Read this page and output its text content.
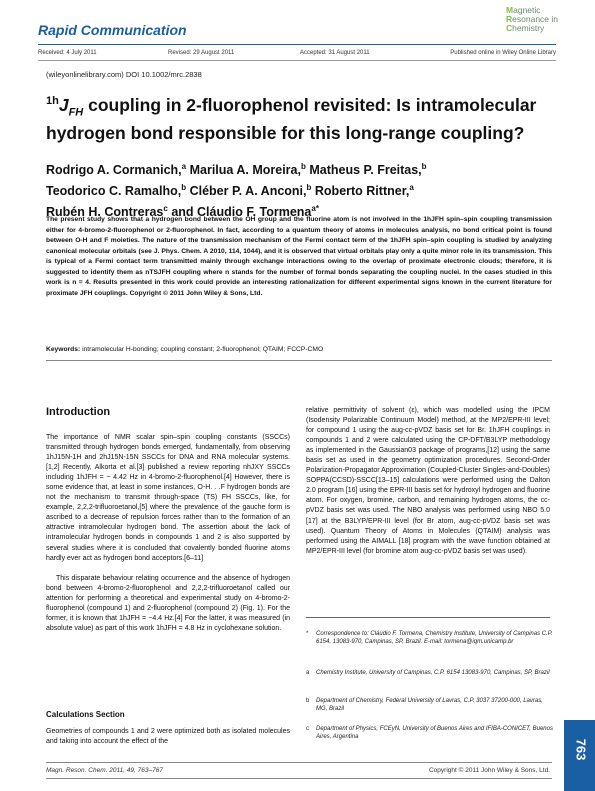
Rapid Communication
Magnetic
Resonance in
Chemistry
Received: 4 July 2011	Revised: 29 August 2011	Accepted: 31 August 2011	Published online in Wiley Online Library
(wileyonlinelibrary.com) DOI 10.1002/mrc.2838
$^{1h}J_{FH}$ coupling in 2-fluorophenol revisited: Is intramolecular hydrogen bond responsible for this long-range coupling?
Rodrigo A. Cormanich,$^a$ Marilua A. Moreira,$^b$ Matheus P. Freitas,$^b$
Teodorico C. Ramalho,$^b$ Cléber P. A. Anconi,$^b$ Roberto Rittner,$^a$
Rubén H. Contreras$^c$ and Cláudio F. Tormena$^{a*}$
The present study shows that a hydrogen bond between the OH group and the fluorine atom is not involved in the 1hJFH spin–spin coupling transmission either for 4-bromo-2-fluorophenol or 2-fluorophenol. In fact, according to a quantum theory of atoms in molecules analysis, no bond critical point is found between O-H and F moieties. The nature of the transmission mechanism of the Fermi contact term of the 1hJFH spin–spin coupling is studied by analyzing canonical molecular orbitals (see J. Phys. Chem. A 2010, 114, 1044), and it is observed that virtual orbitals play only a quite minor role in its transmission. This is typical of a Fermi contact term transmitted mainly through exchange interactions owing to the overlap of proximate electronic clouds; therefore, it is suggested to identify them as nTSJFH coupling where n stands for the number of formal bonds separating the coupling nuclei. In the cases studied in this work is n = 4. Results presented in this work could provide an interesting rationalization for different experimental signs known in the current literature for proximate JFH couplings. Copyright © 2011 John Wiley & Sons, Ltd.
Keywords: intramolecular H-bonding; coupling constant; 2-fluorophenol; QTAIM; FCCP-CMO
Introduction

The importance of NMR scalar spin–spin coupling constants (SSCCs) transmitted through hydrogen bonds emerged, fundamentally, from observing 1hJ15N-1H and 2hJ15N-15N SSCCs for DNA and RNA molecular systems.[1,2] Recently, Alkorta et al.[3] published a review reporting nhJXY SSCCs including 1hJFH = − 4.42 Hz in 4-bromo-2-fluorophenol.[4] However, there is some evidence that, at least in some instances, O-H. . .F hydrogen bonds are not the mechanism to transmit through-space (TS) FH SSCCs, like, for example, 2,2,2-trifluoroetanol,[5] where the prevalence of the gauche form is ascribed to a decrease of repulsion forces rather than to the formation of an attractive intramolecular hydrogen bond. The assertion about the lack of intramolecular hydrogen bonds in compounds 1 and 2 is also supported by several studies where it is concluded that covalently bonded fluorine atoms hardly ever act as hydrogen bond acceptors.[6–11]

This disparate behaviour relating occurrence and the absence of hydrogen bond between 4-bromo-2-fluorophenol and 2,2,2-trifluoroetanol called our attention for performing a theoretical and experimental study on 4-bromo-2-fluorophenol (compound 1) and 2-fluorophenol (compound 2) (Fig. 1). For the former, it is known that 1hJFH = −4.4 Hz.[4] For the latter, it was measured (in absolute value) as part of this work 1hJFH = 4.8 Hz in cyclohexane solution.

Calculations Section

Geometries of compounds 1 and 2 were optimized both as isolated molecules and taking into account the effect of the

relative permittivity of solvent (ε), which was modelled using the IPCM (Isodensity Polarizable Continuum Model) method, at the MP2/EPR-III level; for compound 1 using the aug-cc-pVDZ basis set for Br. 1hJFH couplings in compounds 1 and 2 were calculated using the CP-DFT/B3LYP methodology as implemented in the Gaussian03 package of programs,[12] using the same basis set as used in the geometry optimization procedures. Second-Order Polarization-Propagator Approximation (Coupled-Cluster Singles-and-Doubles) SOPPA(CCSD)-SSCC[13–15] calculations were performed using the Dalton 2.0 program [16] using the EPR-III basis set for hydroxyl hydrogen and fluorine atom. For oxygen, bromine, carbon, and remaining hydrogen atoms, the cc-pVDZ basis set was used. The NBO analysis was performed using NBO 5.0 [17] at the B3LYP/EPR-III level (for Br atom, aug-cc-pVDZ basis set was used). Quantum Theory of Atoms in Molecules (QTAIM) analysis was performed using the AIMALL [18] program with the wave function obtained at MP2/EPR-III level (for bromine atom aug-cc-pVDZ basis set was used).

* Correspondence to: Cláudio F. Tormena, Chemistry Institute, University of Campinas C.P. 6154, 13083-970, Campinas, SP, Brazil. E-mail: tormena@iqm.unicamp.br
a Chemistry Institute, University of Campinas, C.P. 6154 13083-970, Campinas, SP, Brazil
b Department of Chemistry, Federal University of Lavras, C.P. 3037 37200-000, Lavras, MG, Brazil
c Department of Physics, FCEyN, University of Buenos Aires and IFIBA-CONICET, Buenos Aires, Argentina
763
Magn. Reson. Chem. 2011, 49, 763–767	Copyright © 2011 John Wiley & Sons, Ltd.
